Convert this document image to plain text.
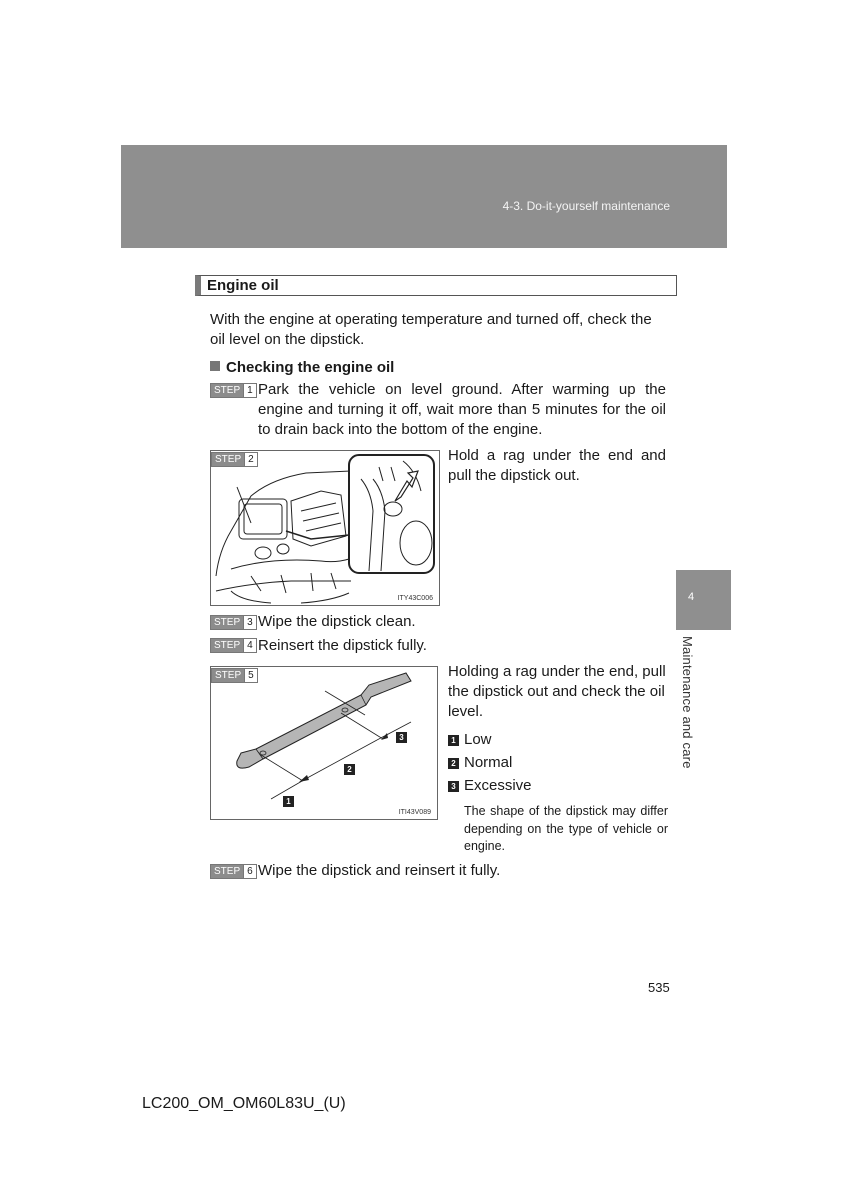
4-3. Do-it-yourself maintenance
4
Maintenance and care
Engine oil
With the engine at operating temperature and turned off, check the oil level on the dipstick.
Checking the engine oil
STEP 1 Park the vehicle on level ground. After warming up the engine and turning it off, wait more than 5 minutes for the oil to drain back into the bottom of the engine.
STEP 2
ITY43C006
Hold a rag under the end and pull the dipstick out.
STEP 3 Wipe the dipstick clean.
STEP 4 Reinsert the dipstick fully.
STEP 5
1
2
3
ITI43V089
Holding a rag under the end, pull the dipstick out and check the oil level.
1 Low
2 Normal
3 Excessive
The shape of the dipstick may differ depending on the type of vehicle or engine.
STEP 6 Wipe the dipstick and reinsert it fully.
535
LC200_OM_OM60L83U_(U)
